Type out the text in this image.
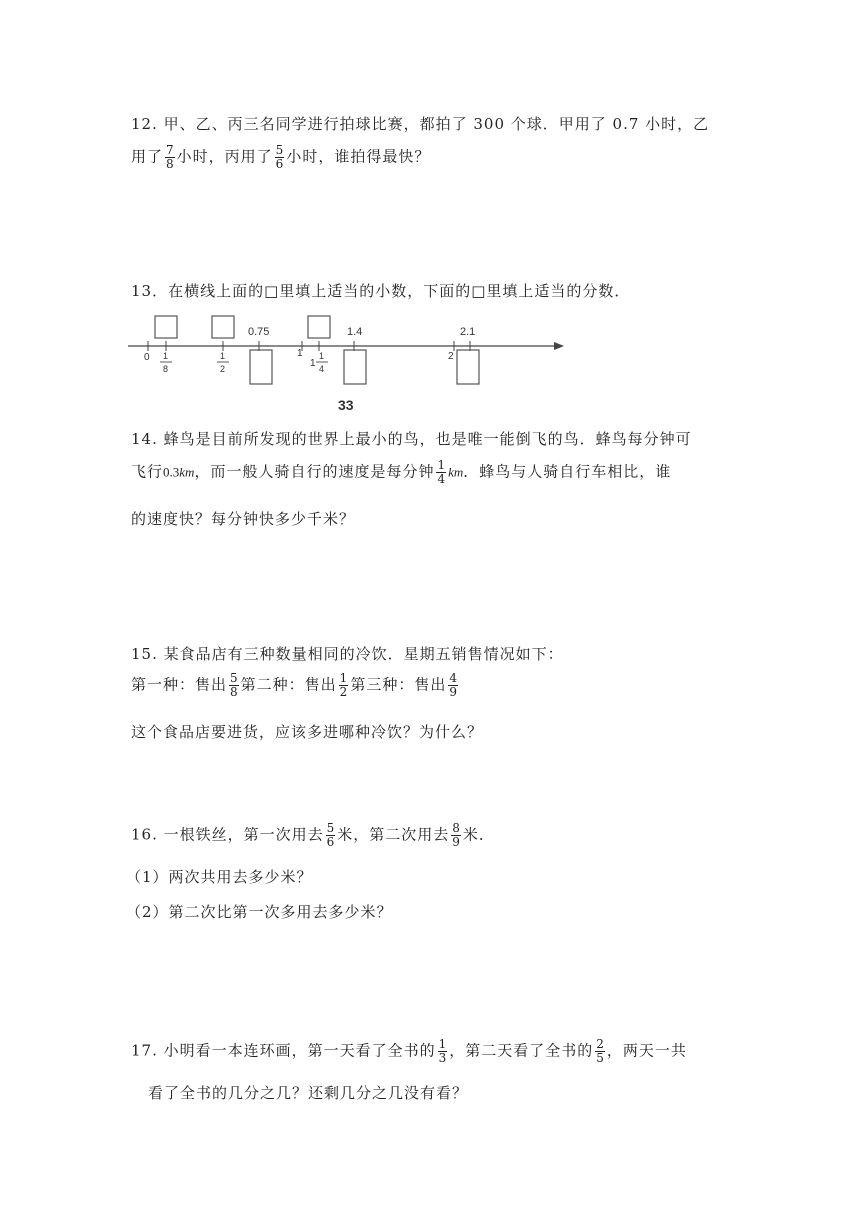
12. 甲、乙、丙三名同学进行拍球比赛，都拍了 300 个球．甲用了 0.7 小时，乙
用了 $\frac{7}{8}$ 小时，丙用了 $\frac{5}{6}$ 小时，谁拍得最快？
13．在横线上面的□里填上适当的小数，下面的□里填上适当的分数．
0.75	1.4	2.1
0 1
8
1
2
1
1
1
4
2
33
14. 蜂鸟是目前所发现的世界上最小的鸟，也是唯一能倒飞的鸟．蜂鸟每分钟可
飞行0.3km，而一般人骑自行的速度是每分钟 $\frac{1}{4}$ km．蜂鸟与人骑自行车相比，谁
的速度快？每分钟快多少千米？
15. 某食品店有三种数量相同的冷饮．星期五销售情况如下：
第一种：售出 $\frac{5}{8}$ 第二种：售出 $\frac{1}{2}$ 第三种：售出 $\frac{4}{9}$
这个食品店要进货，应该多进哪种冷饮？为什么？
16. 一根铁丝，第一次用去 $\frac{5}{6}$ 米，第二次用去 $\frac{8}{9}$ 米．
（1）两次共用去多少米？
（2）第二次比第一次多用去多少米？
17. 小明看一本连环画，第一天看了全书的 $\frac{1}{3}$ ，第二天看了全书的 $\frac{2}{5}$ ，两天一共
看了全书的几分之几？还剩几分之几没有看？
